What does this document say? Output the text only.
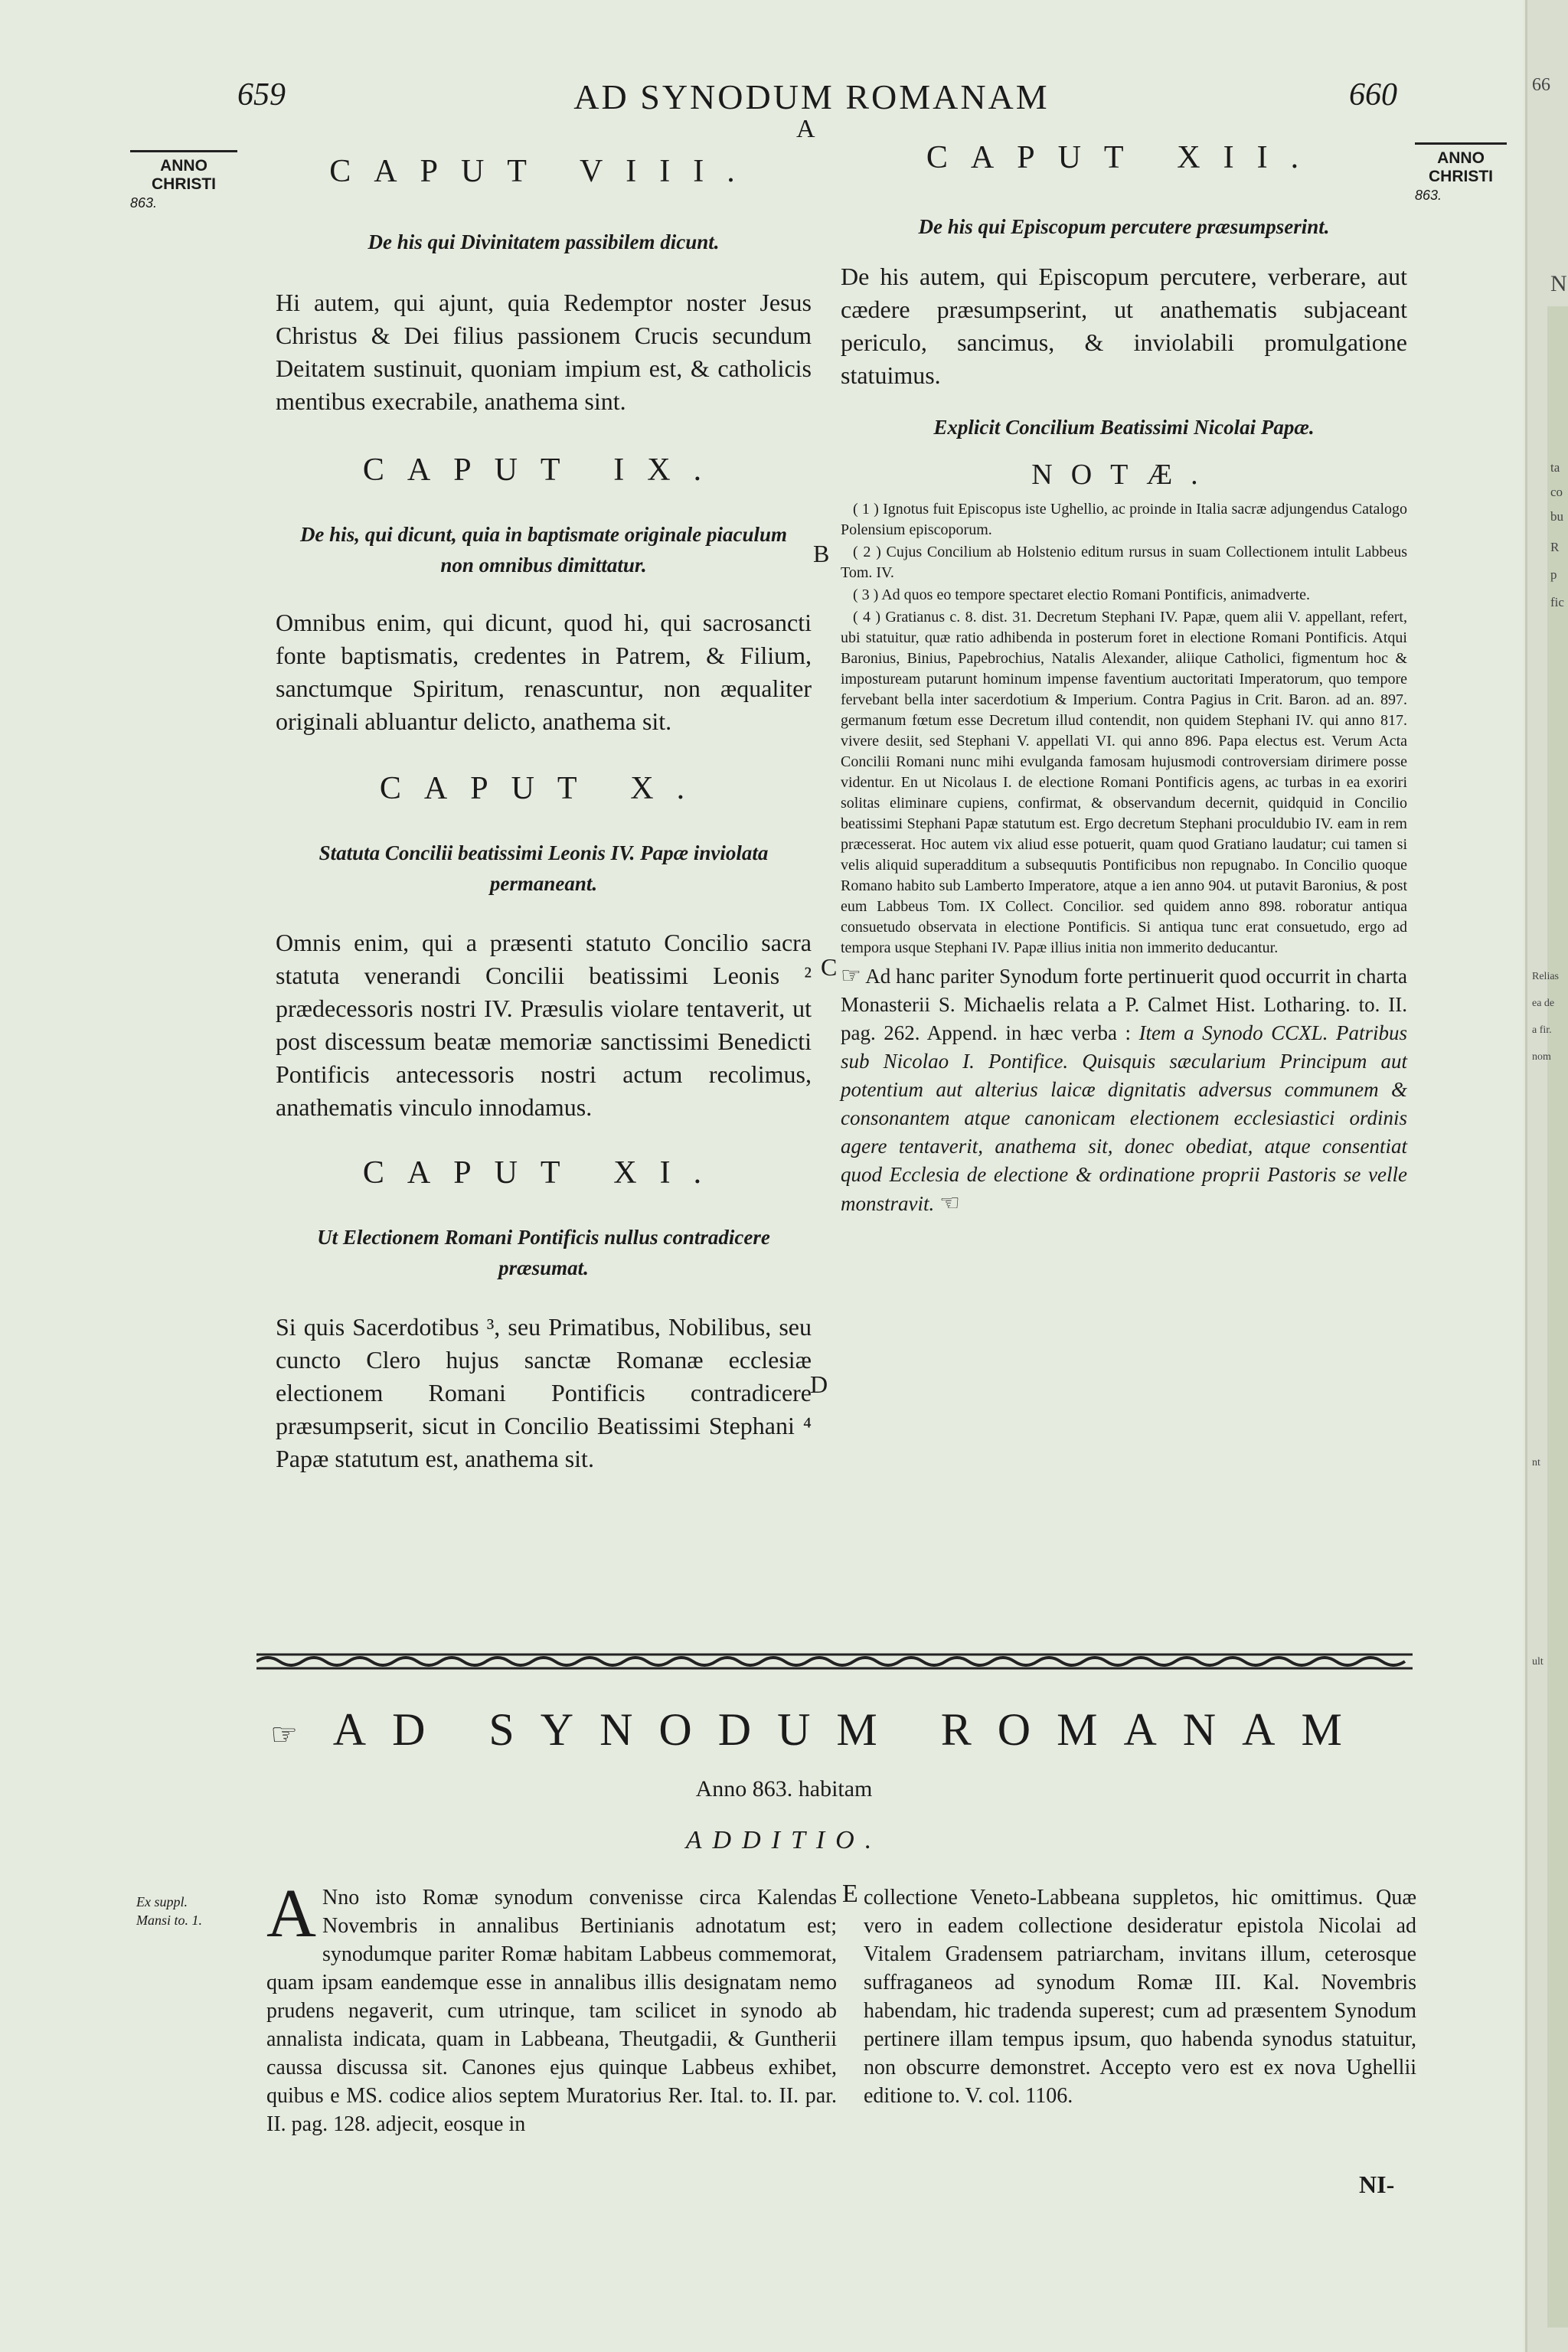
659	AD SYNODUM ROMANAM
A
660
ANNO
CHRISTI
863.
ANNO
CHRISTI
863.
CAPUT VIII.

De his qui Divinitatem passibilem dicunt.

Hi autem, qui ajunt, quia Redemptor noster Jesus Christus & Dei filius passionem Crucis secundum Deitatem sustinuit, quoniam impium est, & catholicis mentibus execrabile, anathema sint.

CAPUT IX.

De his, qui dicunt, quia in baptismate originale piaculum non omnibus dimittatur.

Omnibus enim, qui dicunt, quod hi, qui sacrosancti fonte baptismatis, credentes in Patrem, & Filium, sanctumque Spiritum, renascuntur, non æqualiter originali abluantur delicto, anathema sit.

CAPUT X.

Statuta Concilii beatissimi Leonis IV. Papæ inviolata permaneant.

Omnis enim, qui a præsenti statuto Concilio sacra statuta venerandi Concilii beatissimi Leonis ² prædecessoris nostri IV. Præsulis violare tentaverit, ut post discessum beatæ memoriæ sanctissimi Benedicti Pontificis antecessoris nostri actum recolimus, anathematis vinculo innodamus.

CAPUT XI.

Ut Electionem Romani Pontificis nullus contradicere præsumat.

Si quis Sacerdotibus ³, seu Primatibus, Nobilibus, seu cuncto Clero hujus sanctæ Romanæ ecclesiæ electionem Romani Pontificis contradicere præsumpserit, sicut in Concilio Beatissimi Stephani ⁴ Papæ statutum est, anathema sit.

B
C
D
CAPUT XII.

De his qui Episcopum percutere præsumpserint.

De his autem, qui Episcopum percutere, verberare, aut cædere præsumpserint, ut anathematis subjaceant periculo, sancimus, & inviolabili promulgatione statuimus.

Explicit Concilium Beatissimi Nicolai Papæ.

NOTÆ.

( 1 ) Ignotus fuit Episcopus iste Ughellio, ac proinde in Italia sacræ adjungendus Catalogo Polensium episcoporum.

( 2 ) Cujus Concilium ab Holstenio editum rursus in suam Collectionem intulit Labbeus Tom. IV.

( 3 ) Ad quos eo tempore spectaret electio Romani Pontificis, animadverte.

( 4 ) Gratianus c. 8. dist. 31. Decretum Stephani IV. Papæ, quem alii V. appellant, refert, ubi statuitur, quæ ratio adhibenda in posterum foret in electione Romani Pontificis. Atqui Baronius, Binius, Papebrochius, Natalis Alexander, aliique Catholici, figmentum hoc & impostuream putarunt hominum impense faventium auctoritati Imperatorum, quo tempore fervebant bella inter sacerdotium & Imperium. Contra Pagius in Crit. Baron. ad an. 897. germanum fœtum esse Decretum illud contendit, non quidem Stephani IV. qui anno 817. vivere desiit, sed Stephani V. appellati VI. qui anno 896. Papa electus est. Verum Acta Concilii Romani nunc mihi evulganda famosam hujusmodi controversiam dirimere posse videntur. En ut Nicolaus I. de electione Romani Pontificis agens, ac turbas in ea exoriri solitas eliminare cupiens, confirmat, & observandum decernit, quidquid in Concilio beatissimi Stephani Papæ statutum est. Ergo decretum Stephani proculdubio IV. eam in rem præcesserat. Hoc autem vix aliud esse potuerit, quam quod Gratiano laudatur; cui tamen si velis aliquid superadditum a subsequutis Pontificibus non repugnabo. In Concilio quoque Romano habito sub Lamberto Imperatore, atque a ien anno 904. ut putavit Baronius, & post eum Labbeus Tom. IX Collect. Concilior. sed quidem anno 898. roboratur antiqua consuetudo observata in electione Pontificis. Si antiqua tunc erat consuetudo, ergo ad tempora usque Stephani IV. Papæ illius initia non immerito deducantur.

☞ Ad hanc pariter Synodum forte pertinuerit quod occurrit in charta Monasterii S. Michaelis relata a P. Calmet Hist. Lotharing. to. II. pag. 262. Append. in hæc verba : Item a Synodo CCXL. Patribus sub Nicolao I. Pontifice. Quisquis sæcularium Principum aut potentium aut alterius laicæ dignitatis adversus communem & consonantem atque canonicam electionem ecclesiastici ordinis agere tentaverit, anathema sit, donec obediat, atque consentiat quod Ecclesia de electione & ordinatione proprii Pastoris se velle monstravit. ☜

☞ AD SYNODUM ROMANAM
Anno 863. habitam
ADDITIO.
Ex suppl.
Mansi to. 1. A Nno isto Romæ synodum convenisse circa Kalendas Novembris in annalibus Bertinianis adnotatum est; synodumque pariter Romæ habitam Labbeus commemorat, quam ipsam eandemque esse in annalibus illis designatam nemo prudens negaverit, cum utrinque, tam scilicet in synodo ab annalista indicata, quam in Labbeana, Theutgadii, & Guntherii caussa discussa sit. Canones ejus quinque Labbeus exhibet, quibus e MS. codice alios septem Muratorius Rer. Ital. to. II. par. II. pag. 128. adjecit, eosque in

E collectione Veneto-Labbeana suppletos, hic omittimus. Quæ vero in eadem collectione desideratur epistola Nicolai ad Vitalem Gradensem patriarcham, invitans illum, ceterosque suffraganeos ad synodum Romæ III. Kal. Novembris habendam, hic tradenda superest; cum ad præsentem Synodum pertinere illam tempus ipsum, quo habenda synodus statuitur, non obscurre demonstret. Accepto vero est ex nova Ughellii editione to. V. col. 1106.

NI-
66
N
ta
co
bu
R
p
fic
Relias
ea de
a fir.
nom
nt
ult
